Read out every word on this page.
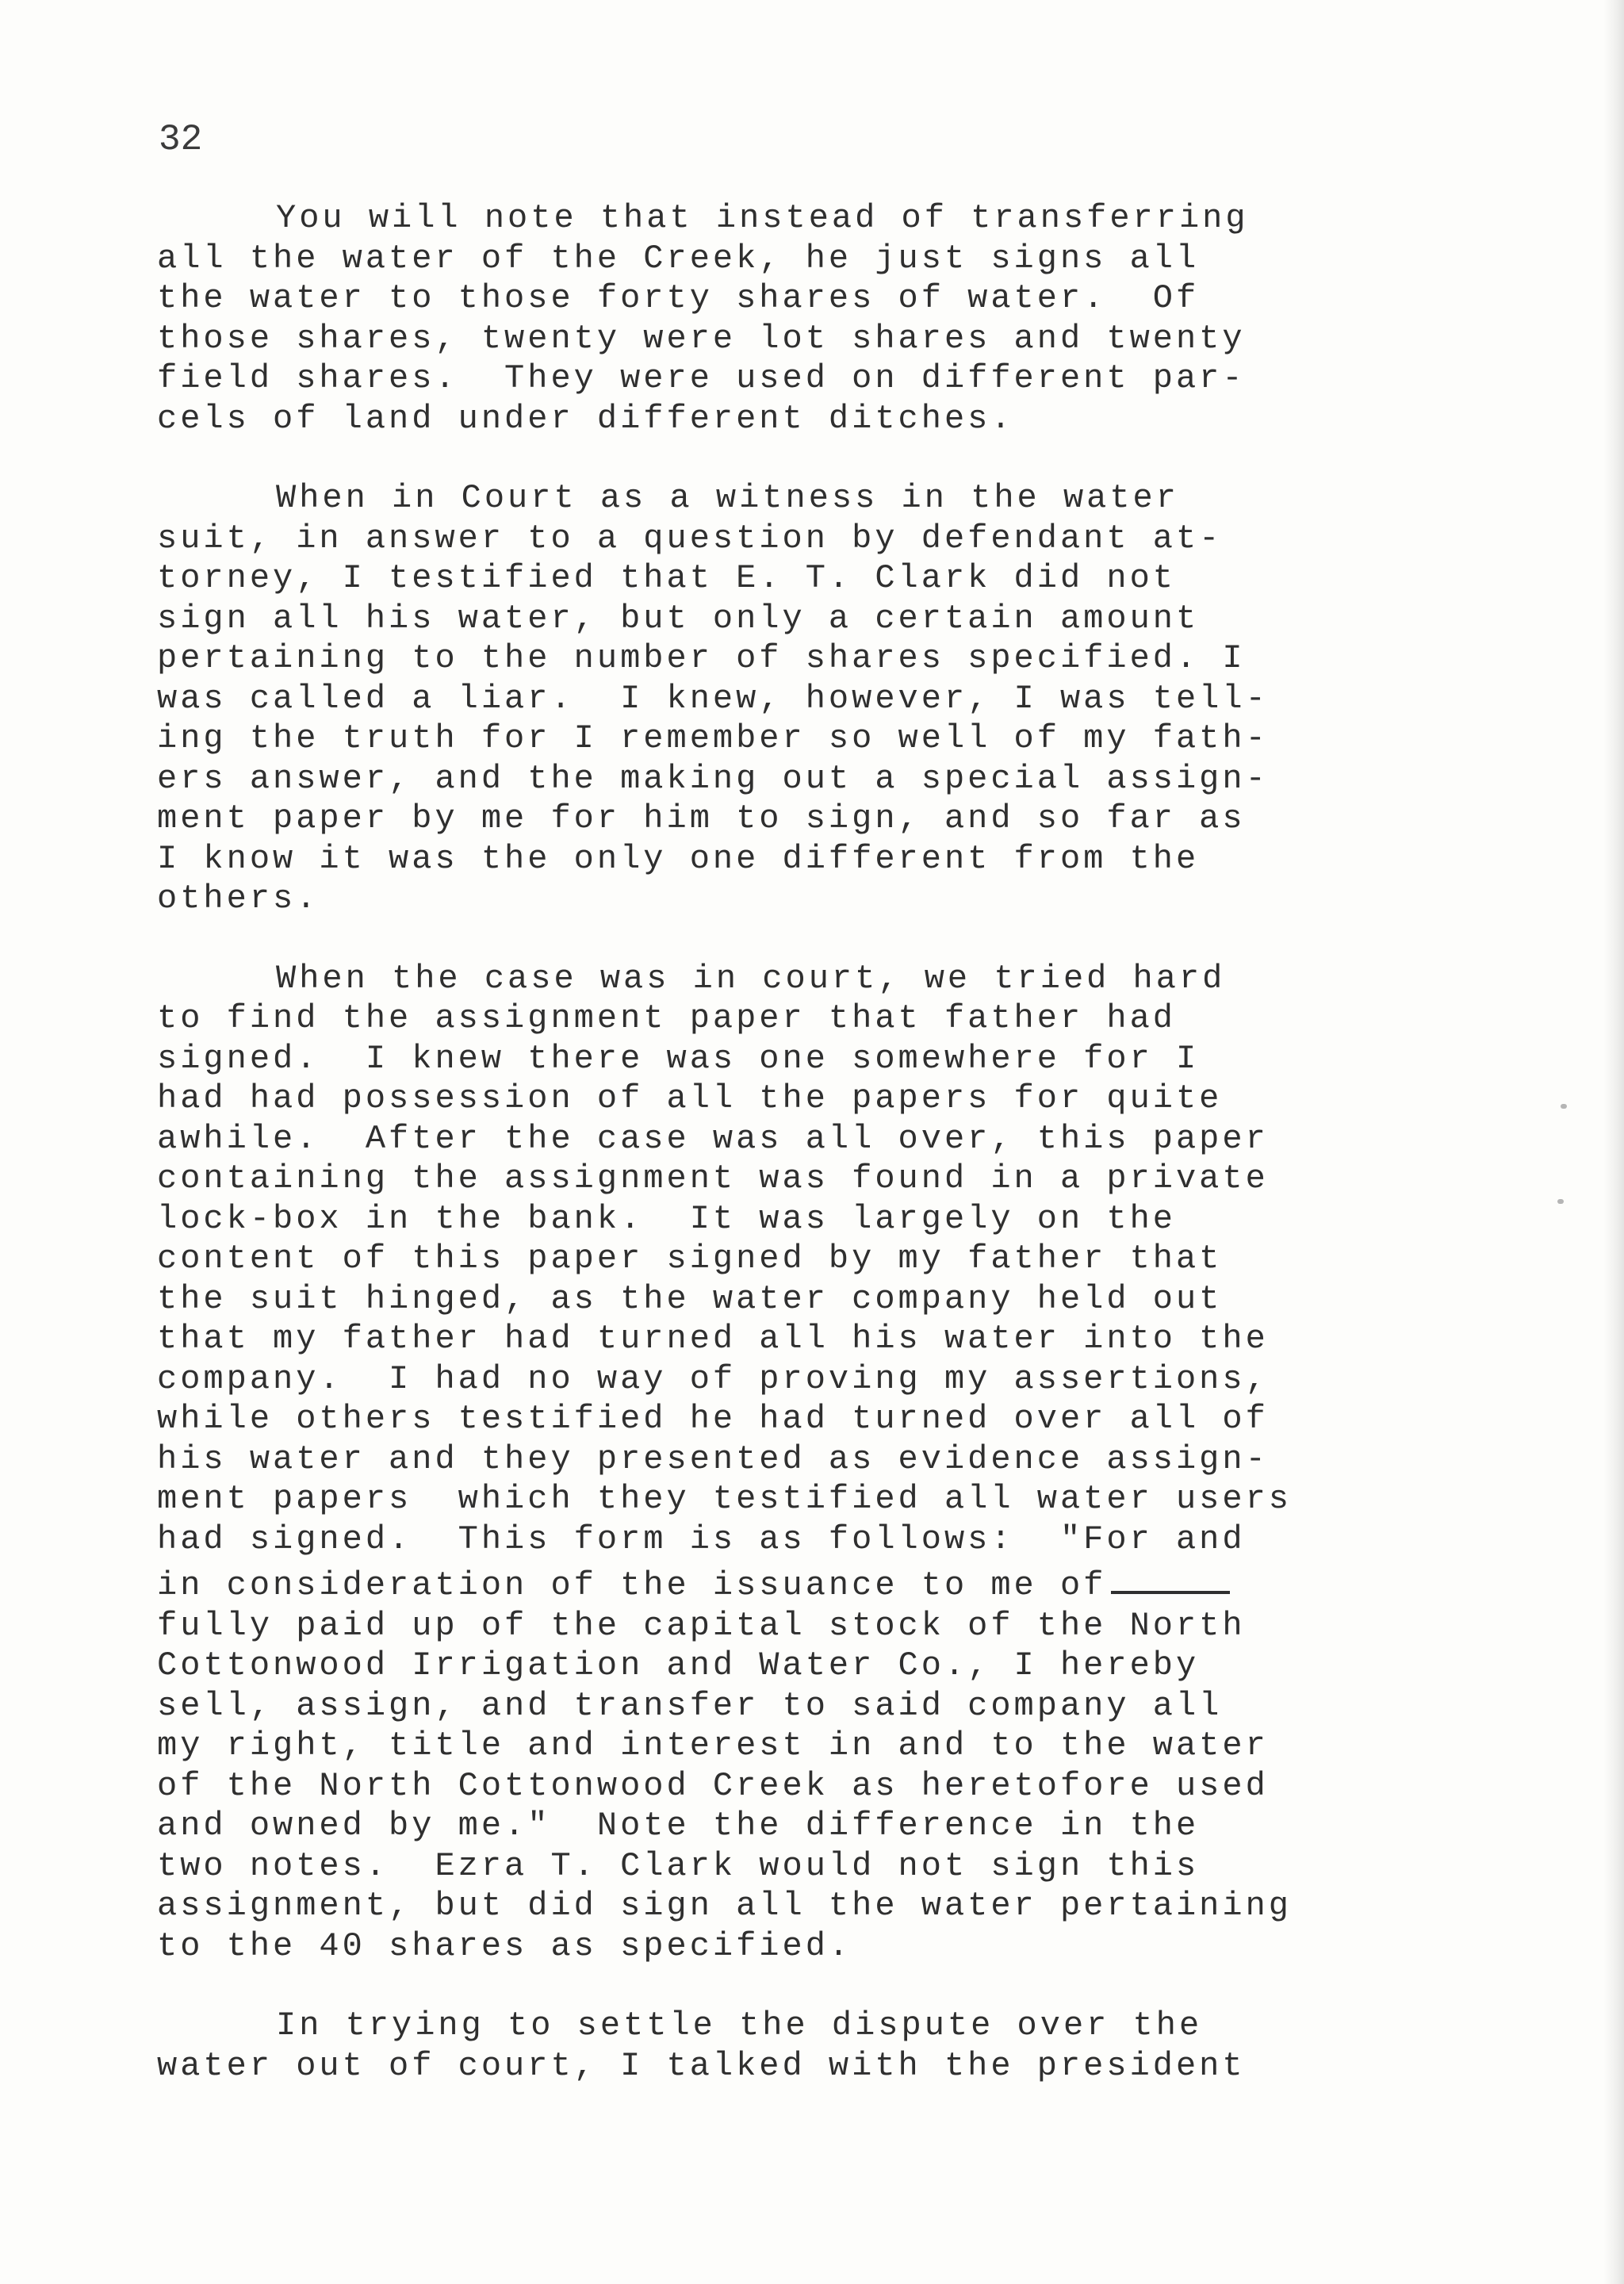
32

You will note that instead of transferring
all the water of the Creek, he just signs all
the water to those forty shares of water.  Of
those shares, twenty were lot shares and twenty
field shares.  They were used on different par-
cels of land under different ditches.
When in Court as a witness in the water
suit, in answer to a question by defendant at-
torney, I testified that E. T. Clark did not
sign all his water, but only a certain amount
pertaining to the number of shares specified. I
was called a liar.  I knew, however, I was tell-
ing the truth for I remember so well of my fath-
ers answer, and the making out a special assign-
ment paper by me for him to sign, and so far as
I know it was the only one different from the
others.
When the case was in court, we tried hard
to find the assignment paper that father had
signed.  I knew there was one somewhere for I
had had possession of all the papers for quite
awhile.  After the case was all over, this paper
containing the assignment was found in a private
lock-box in the bank.  It was largely on the
content of this paper signed by my father that
the suit hinged, as the water company held out
that my father had turned all his water into the
company.  I had no way of proving my assertions,
while others testified he had turned over all of
his water and they presented as evidence assign-
ment papers  which they testified all water users
had signed.  This form is as follows:  "For and
in consideration of the issuance to me of
fully paid up of the capital stock of the North
Cottonwood Irrigation and Water Co., I hereby
sell, assign, and transfer to said company all
my right, title and interest in and to the water
of the North Cottonwood Creek as heretofore used
and owned by me."  Note the difference in the
two notes.  Ezra T. Clark would not sign this
assignment, but did sign all the water pertaining
to the 40 shares as specified.
In trying to settle the dispute over the
water out of court, I talked with the president
